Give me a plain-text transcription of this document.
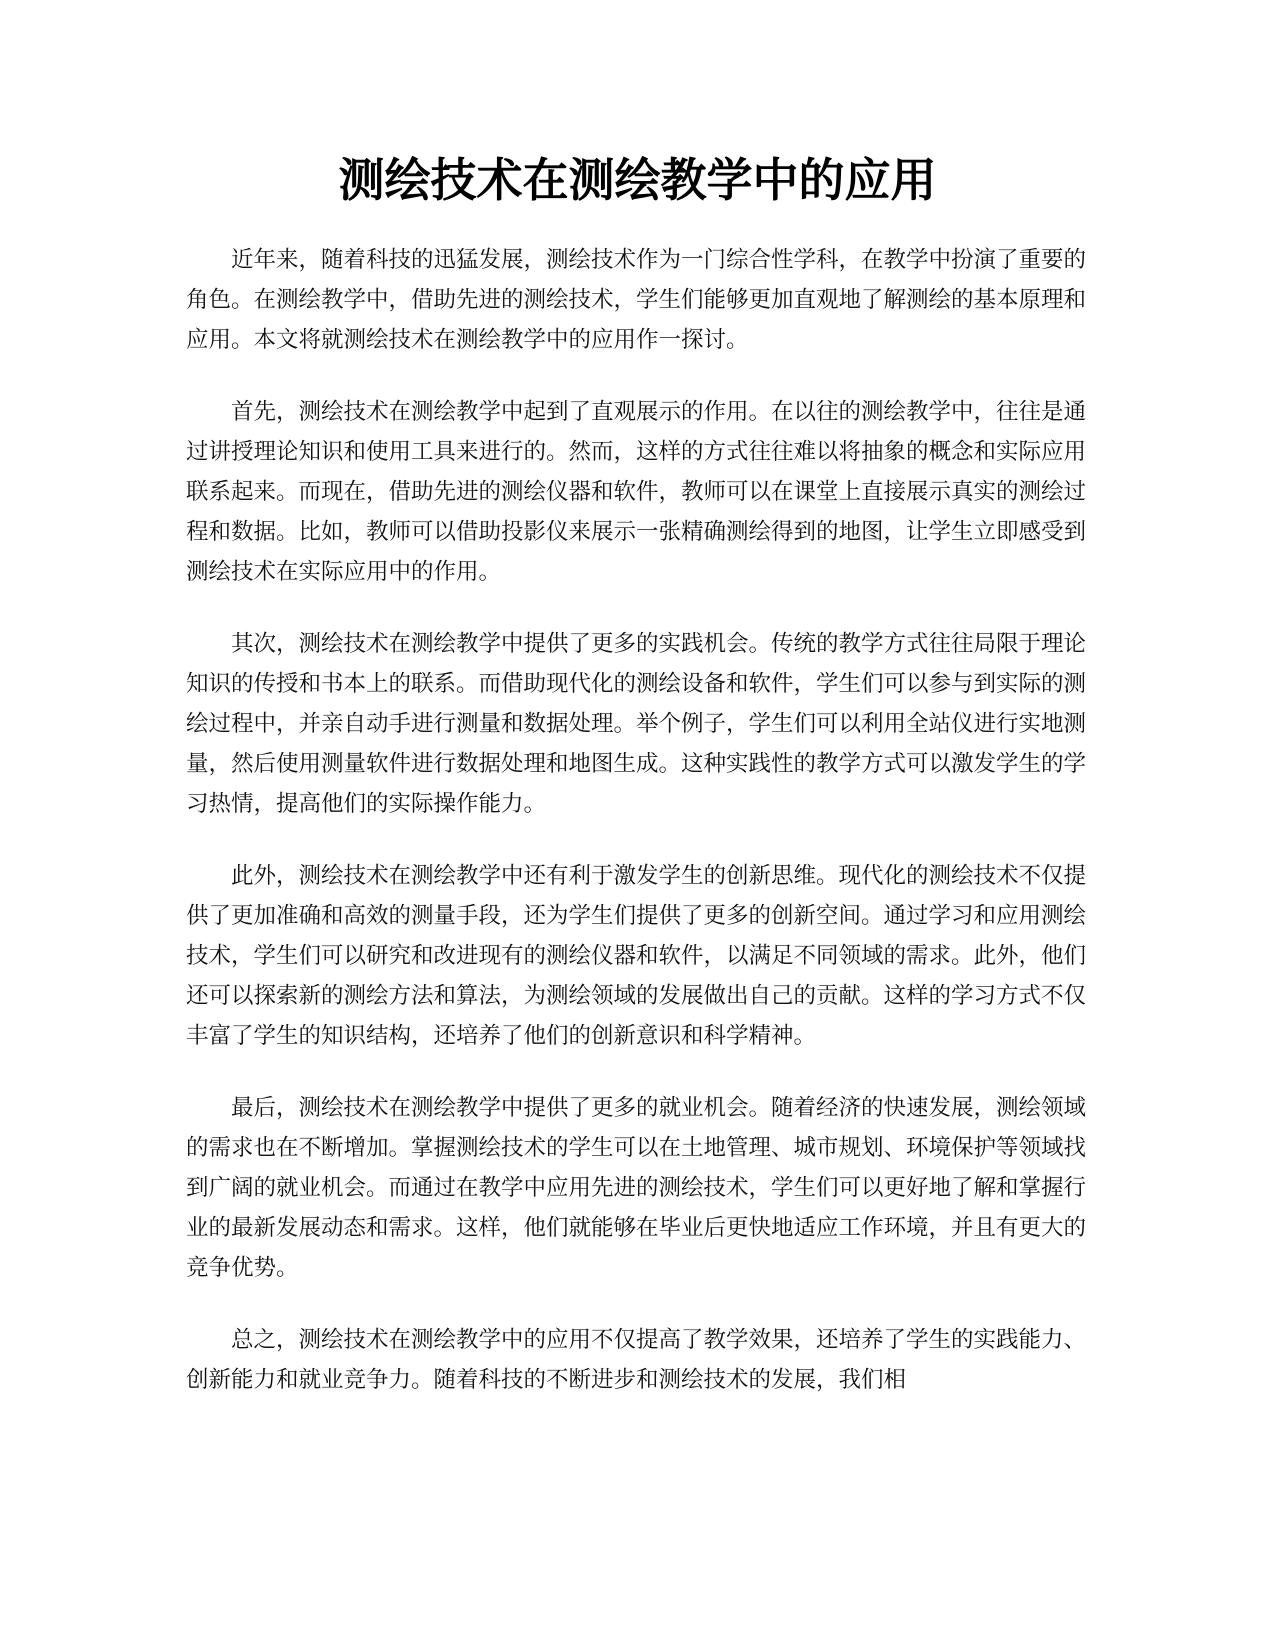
测绘技术在测绘教学中的应用

近年来，随着科技的迅猛发展，测绘技术作为一门综合性学科，在教学中扮演了重要的角色。在测绘教学中，借助先进的测绘技术，学生们能够更加直观地了解测绘的基本原理和应用。本文将就测绘技术在测绘教学中的应用作一探讨。

首先，测绘技术在测绘教学中起到了直观展示的作用。在以往的测绘教学中，往往是通过讲授理论知识和使用工具来进行的。然而，这样的方式往往难以将抽象的概念和实际应用联系起来。而现在，借助先进的测绘仪器和软件，教师可以在课堂上直接展示真实的测绘过程和数据。比如，教师可以借助投影仪来展示一张精确测绘得到的地图，让学生立即感受到测绘技术在实际应用中的作用。

其次，测绘技术在测绘教学中提供了更多的实践机会。传统的教学方式往往局限于理论知识的传授和书本上的联系。而借助现代化的测绘设备和软件，学生们可以参与到实际的测绘过程中，并亲自动手进行测量和数据处理。举个例子，学生们可以利用全站仪进行实地测量，然后使用测量软件进行数据处理和地图生成。这种实践性的教学方式可以激发学生的学习热情，提高他们的实际操作能力。

此外，测绘技术在测绘教学中还有利于激发学生的创新思维。现代化的测绘技术不仅提供了更加准确和高效的测量手段，还为学生们提供了更多的创新空间。通过学习和应用测绘技术，学生们可以研究和改进现有的测绘仪器和软件，以满足不同领域的需求。此外，他们还可以探索新的测绘方法和算法，为测绘领域的发展做出自己的贡献。这样的学习方式不仅丰富了学生的知识结构，还培养了他们的创新意识和科学精神。

最后，测绘技术在测绘教学中提供了更多的就业机会。随着经济的快速发展，测绘领域的需求也在不断增加。掌握测绘技术的学生可以在土地管理、城市规划、环境保护等领域找到广阔的就业机会。而通过在教学中应用先进的测绘技术，学生们可以更好地了解和掌握行业的最新发展动态和需求。这样，他们就能够在毕业后更快地适应工作环境，并且有更大的竞争优势。

总之，测绘技术在测绘教学中的应用不仅提高了教学效果，还培养了学生的实践能力、创新能力和就业竞争力。随着科技的不断进步和测绘技术的发展，我们相
